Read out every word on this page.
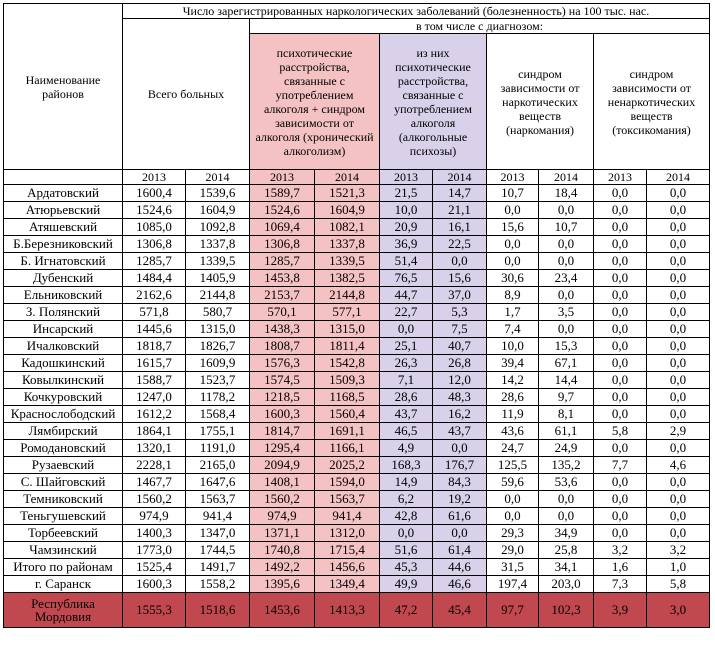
Наименование районов	Число зарегистрированных наркологических заболеваний (болезненность) на 100 тыс. нас.									
	Всего больных		в том числе с диагнозом:							
			психотические расстройства, связанные с употреблением алкоголя + синдром зависимости от алкоголя (хронический алкоголизм)		из них психотические расстройства, связанные с употреблением алкоголя (алкогольные психозы)		синдром зависимости от наркотических веществ (наркомания)		синдром зависимости от ненаркотических веществ (токсикомания)	
	2013	2014	2013	2014	2013	2014	2013	2014	2013	2014
Ардатовский	1600,4	1539,6	1589,7	1521,3	21,5	14,7	10,7	18,4	0,0	0,0
Атюрьевский	1524,6	1604,9	1524,6	1604,9	10,0	21,1	0,0	0,0	0,0	0,0
Атяшевский	1085,0	1092,8	1069,4	1082,1	20,9	16,1	15,6	10,7	0,0	0,0
Б.Березниковский	1306,8	1337,8	1306,8	1337,8	36,9	22,5	0,0	0,0	0,0	0,0
Б. Игнатовский	1285,7	1339,5	1285,7	1339,5	51,4	0,0	0,0	0,0	0,0	0,0
Дубенский	1484,4	1405,9	1453,8	1382,5	76,5	15,6	30,6	23,4	0,0	0,0
Ельниковский	2162,6	2144,8	2153,7	2144,8	44,7	37,0	8,9	0,0	0,0	0,0
З. Полянский	571,8	580,7	570,1	577,1	22,7	5,3	1,7	3,5	0,0	0,0
Инсарский	1445,6	1315,0	1438,3	1315,0	0,0	7,5	7,4	0,0	0,0	0,0
Ичалковский	1818,7	1826,7	1808,7	1811,4	25,1	40,7	10,0	15,3	0,0	0,0
Кадошкинский	1615,7	1609,9	1576,3	1542,8	26,3	26,8	39,4	67,1	0,0	0,0
Ковылкинский	1588,7	1523,7	1574,5	1509,3	7,1	12,0	14,2	14,4	0,0	0,0
Кочкуровский	1247,0	1178,2	1218,5	1168,5	28,6	48,3	28,6	9,7	0,0	0,0
Краснослободский	1612,2	1568,4	1600,3	1560,4	43,7	16,2	11,9	8,1	0,0	0,0
Лямбирский	1864,1	1755,1	1814,7	1691,1	46,5	43,7	43,6	61,1	5,8	2,9
Ромодановский	1320,1	1191,0	1295,4	1166,1	4,9	0,0	24,7	24,9	0,0	0,0
Рузаевский	2228,1	2165,0	2094,9	2025,2	168,3	176,7	125,5	135,2	7,7	4,6
С. Шайговский	1467,7	1647,6	1408,1	1594,0	14,9	84,3	59,6	53,6	0,0	0,0
Темниковский	1560,2	1563,7	1560,2	1563,7	6,2	19,2	0,0	0,0	0,0	0,0
Теньгушевский	974,9	941,4	974,9	941,4	42,8	61,6	0,0	0,0	0,0	0,0
Торбеевский	1400,3	1347,0	1371,1	1312,0	0,0	0,0	29,3	34,9	0,0	0,0
Чамзинский	1773,0	1744,5	1740,8	1715,4	51,6	61,4	29,0	25,8	3,2	3,2
Итого по районам	1525,4	1491,7	1492,2	1456,6	45,3	44,6	31,5	34,1	1,6	1,0
г. Саранск	1600,3	1558,2	1395,6	1349,4	49,9	46,6	197,4	203,0	7,3	5,8
Республика Мордовия	1555,3	1518,6	1453,6	1413,3	47,2	45,4	97,7	102,3	3,9	3,0
